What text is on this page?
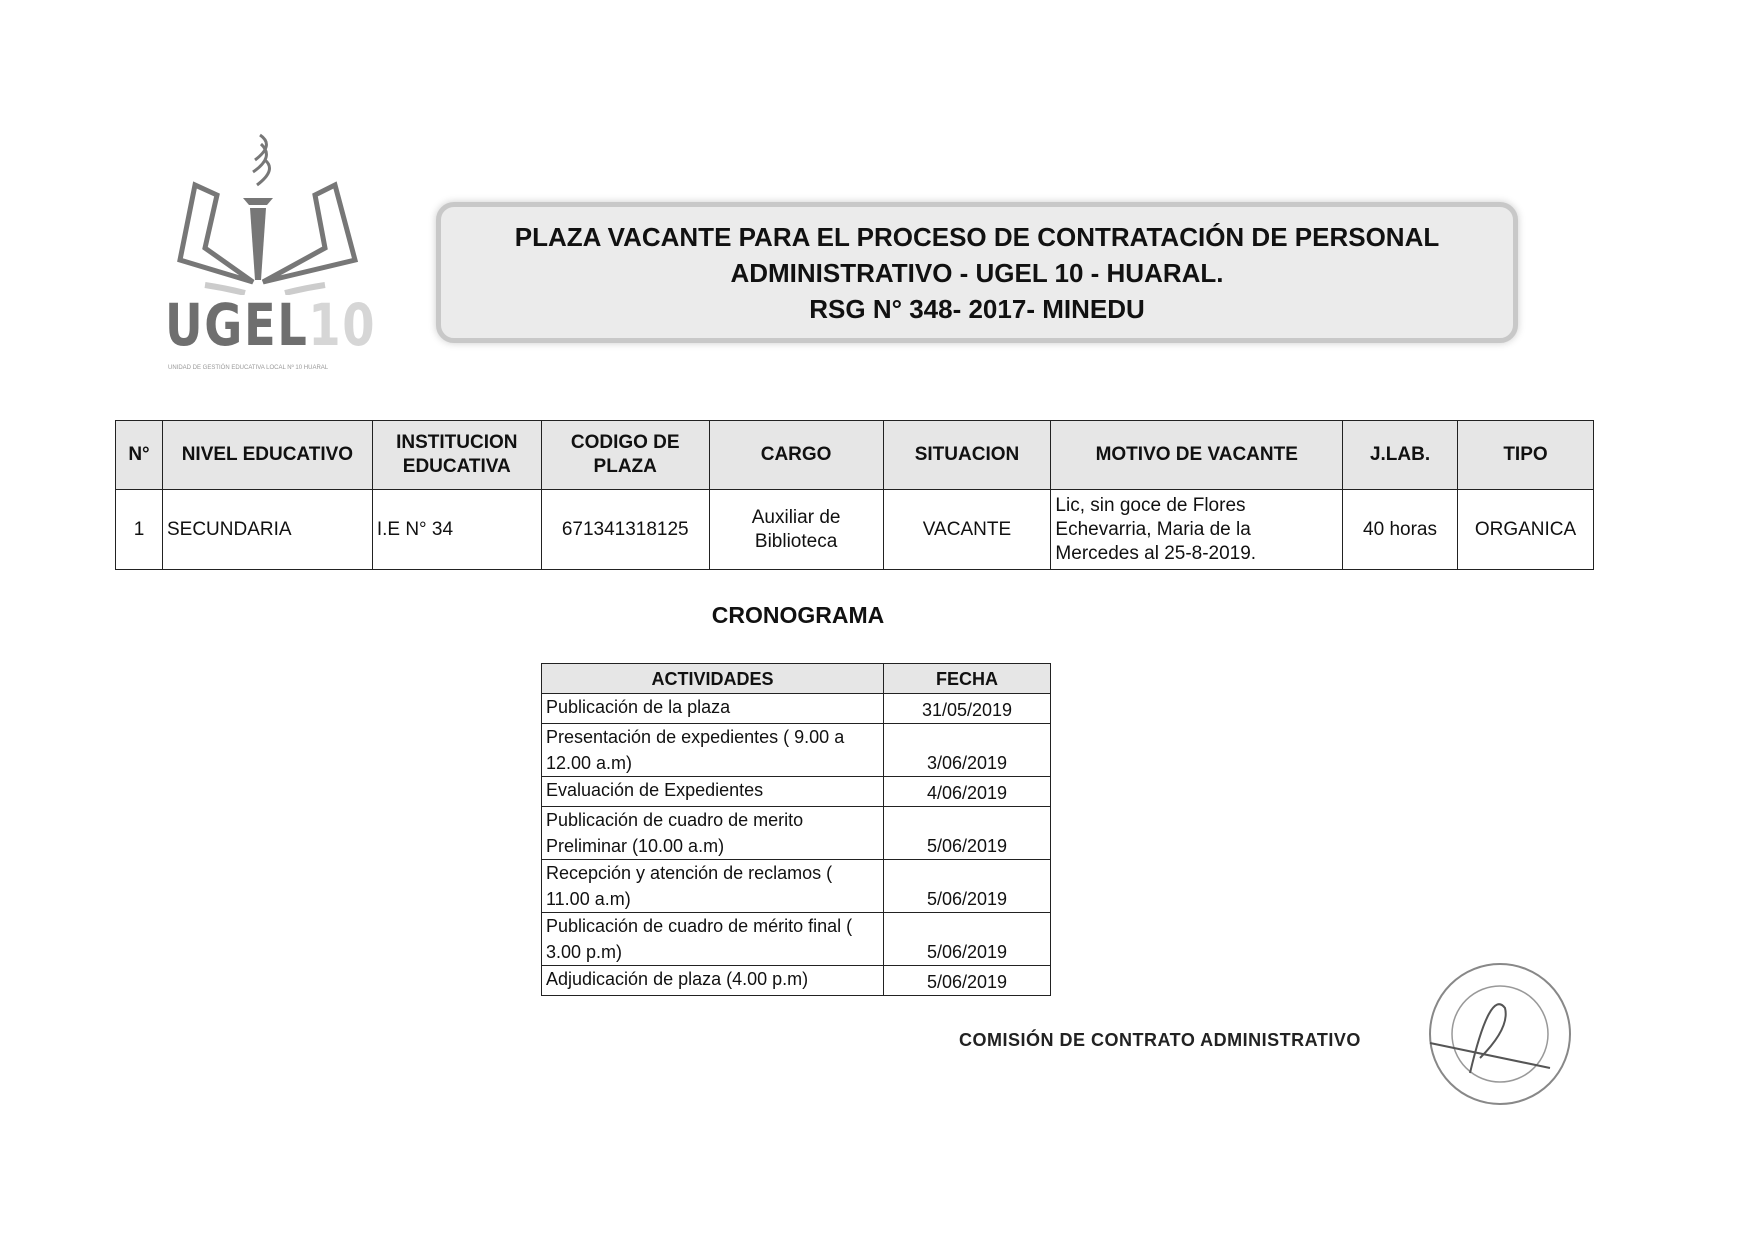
UGEL10
UNIDAD DE GESTIÓN EDUCATIVA LOCAL Nº 10 HUARAL
PLAZA VACANTE PARA EL PROCESO DE CONTRATACIÓN DE PERSONAL
ADMINISTRATIVO - UGEL 10 - HUARAL.
RSG N° 348- 2017- MINEDU
N°	NIVEL EDUCATIVO	INSTITUCION EDUCATIVA	CODIGO DE PLAZA	CARGO	SITUACION	MOTIVO DE VACANTE	J.LAB.	TIPO
1	SECUNDARIA	I.E N° 34	671341318125	Auxiliar de Biblioteca	VACANTE	Lic, sin goce de Flores Echevarria, Maria de la Mercedes al 25-8-2019.	40 horas	ORGANICA
CRONOGRAMA
ACTIVIDADES	FECHA
Publicación de la plaza	31/05/2019
Presentación de expedientes ( 9.00 a 12.00 a.m)	3/06/2019
Evaluación de Expedientes	4/06/2019
Publicación de cuadro de merito Preliminar (10.00 a.m)	5/06/2019
Recepción y atención de reclamos ( 11.00 a.m)	5/06/2019
Publicación de cuadro de mérito final ( 3.00 p.m)	5/06/2019
Adjudicación de plaza (4.00 p.m)	5/06/2019
COMISIÓN DE CONTRATO ADMINISTRATIVO
